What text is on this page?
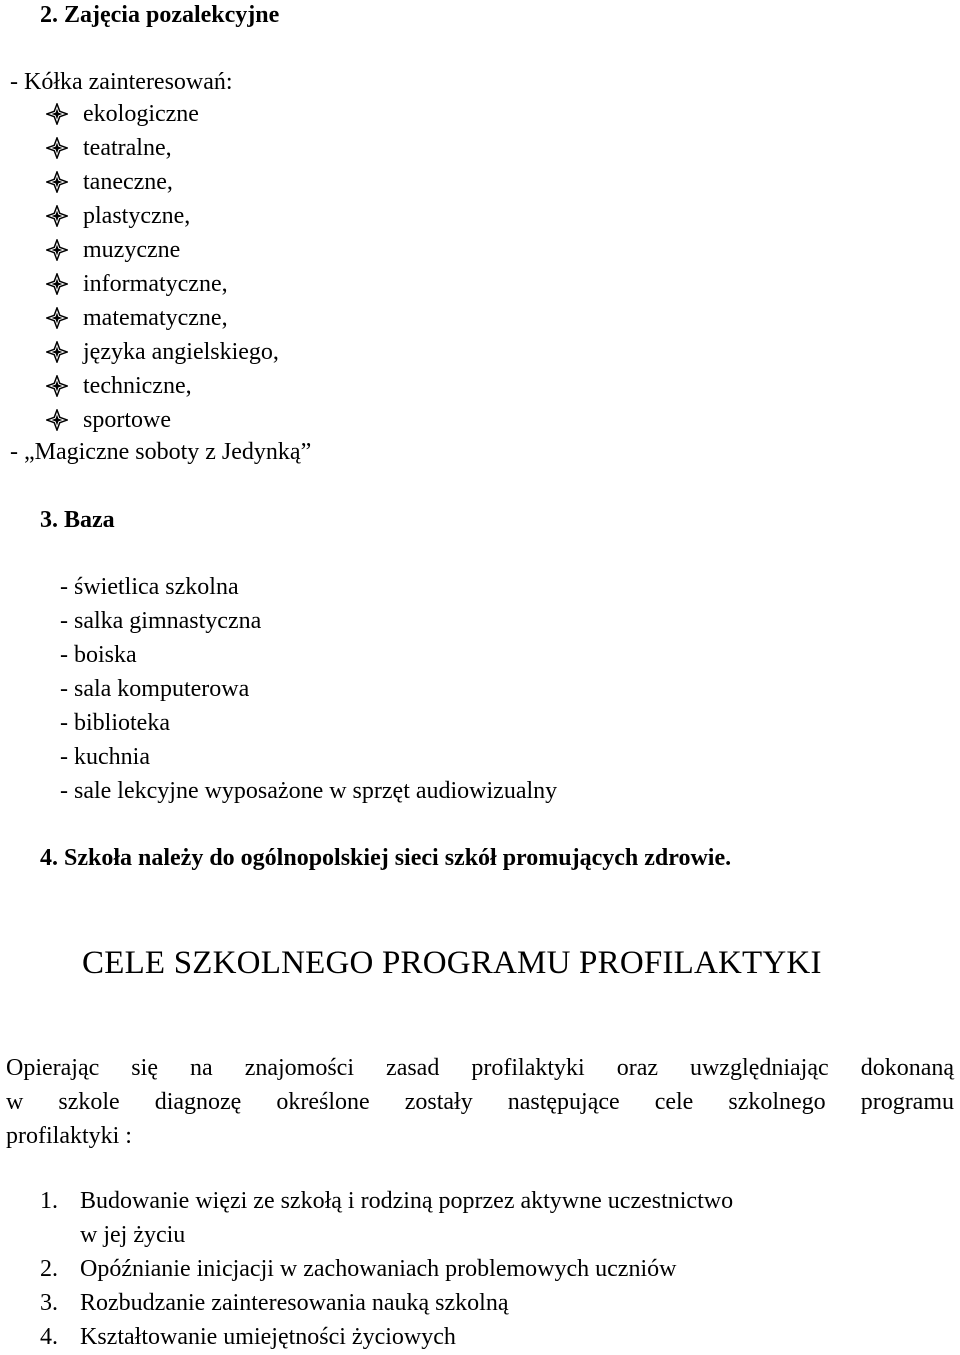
2. Zajęcia pozalekcyjne
- Kółka zainteresowań:
ekologiczne
teatralne,
taneczne,
plastyczne,
muzyczne
informatyczne,
matematyczne,
języka angielskiego,
techniczne,
sportowe
- „Magiczne soboty z Jedynką”
3. Baza
- świetlica szkolna
- salka gimnastyczna
- boiska
- sala komputerowa
- biblioteka
- kuchnia
- sale lekcyjne wyposażone w sprzęt audiowizualny
4. Szkoła należy do ogólnopolskiej sieci szkół promujących zdrowie.
CELE SZKOLNEGO PROGRAMU PROFILAKTYKI
Opierając się na znajomości zasad profilaktyki oraz uwzględniając dokonaną
w szkole diagnozę określone zostały następujące cele szkolnego programu
profilaktyki :
1. Budowanie więzi ze szkołą i rodziną poprzez aktywne uczestnictwo
w jej życiu
2. Opóźnianie inicjacji w zachowaniach problemowych uczniów
3. Rozbudzanie zainteresowania nauką szkolną
4. Kształtowanie umiejętności życiowych
